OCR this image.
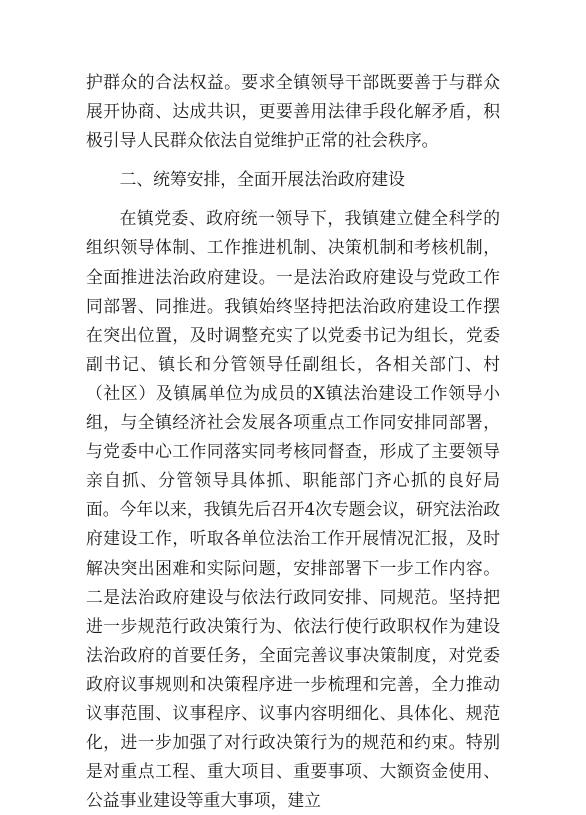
护群众的合法权益。要求全镇领导干部既要善于与群众展开协商、达成共识，更要善用法律手段化解矛盾，积极引导人民群众依法自觉维护正常的社会秩序。

二、统筹安排，全面开展法治政府建设

在镇党委、政府统一领导下，我镇建立健全科学的组织领导体制、工作推进机制、决策机制和考核机制，全面推进法治政府建设。一是法治政府建设与党政工作同部署、同推进。我镇始终坚持把法治政府建设工作摆在突出位置，及时调整充实了以党委书记为组长，党委副书记、镇长和分管领导任副组长，各相关部门、村（社区）及镇属单位为成员的X镇法治建设工作领导小组，与全镇经济社会发展各项重点工作同安排同部署，与党委中心工作同落实同考核同督查，形成了主要领导亲自抓、分管领导具体抓、职能部门齐心抓的良好局面。今年以来，我镇先后召开4次专题会议，研究法治政府建设工作，听取各单位法治工作开展情况汇报，及时解决突出困难和实际问题，安排部署下一步工作内容。二是法治政府建设与依法行政同安排、同规范。坚持把进一步规范行政决策行为、依法行使行政职权作为建设法治政府的首要任务，全面完善议事决策制度，对党委政府议事规则和决策程序进一步梳理和完善，全力推动议事范围、议事程序、议事内容明细化、具体化、规范化，进一步加强了对行政决策行为的规范和约束。特别是对重点工程、重大项目、重要事项、大额资金使用、公益事业建设等重大事项，建立
